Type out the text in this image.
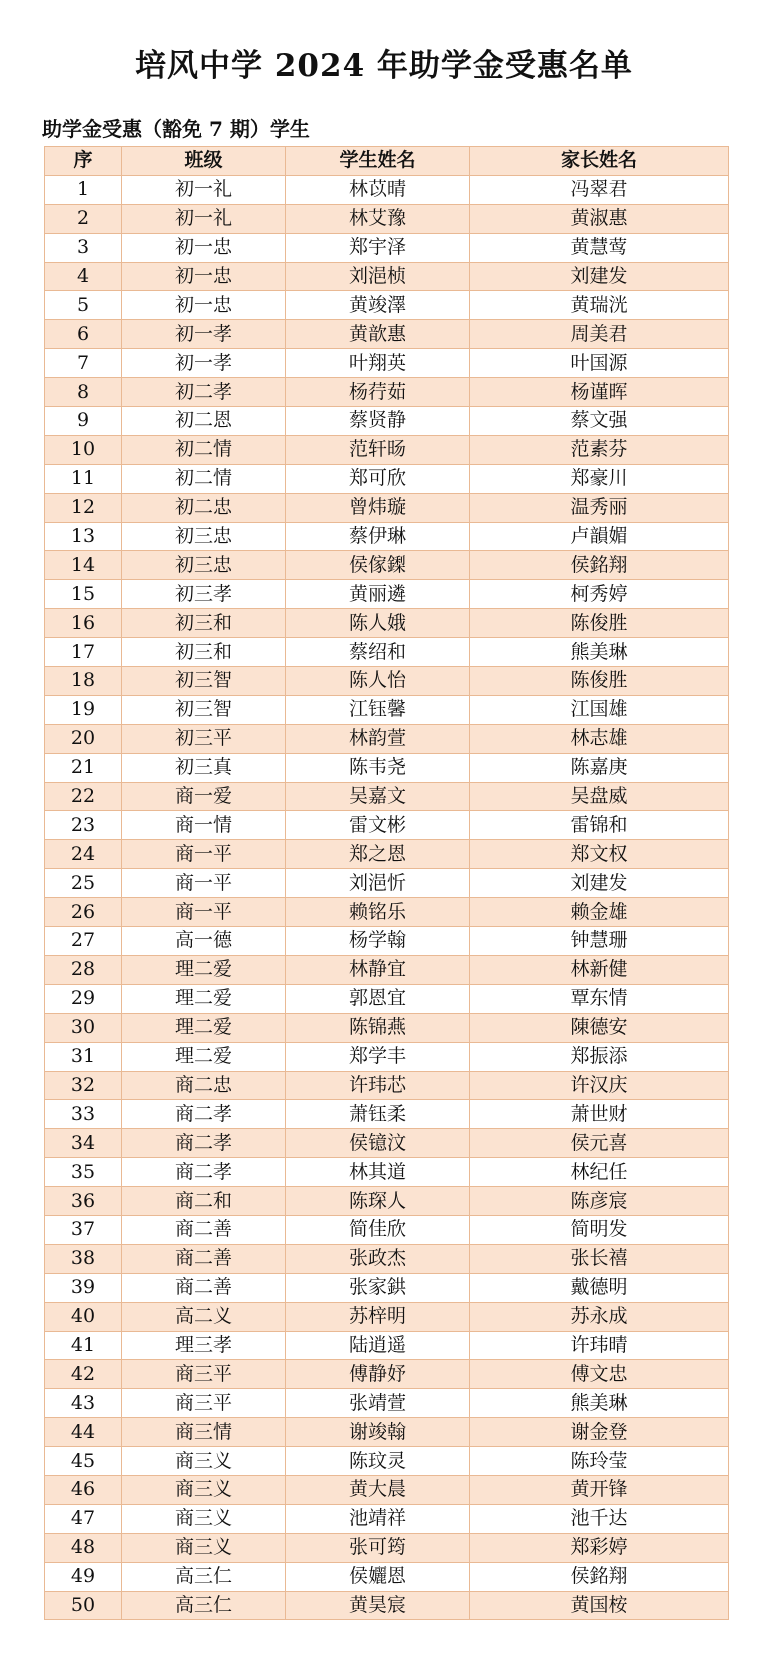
培风中学 2024 年助学金受惠名单
助学金受惠（豁免 7 期）学生
序	班级	学生姓名	家长姓名
1	初一礼	林苡晴	冯翠君
2	初一礼	林艾豫	黄淑惠
3	初一忠	郑宇泽	黄慧莺
4	初一忠	刘浥桢	刘建发
5	初一忠	黄竣澤	黄瑞洸
6	初一孝	黄歆惠	周美君
7	初一孝	叶翔英	叶国源
8	初二孝	杨荇茹	杨谨晖
9	初二恩	蔡贤静	蔡文强
10	初二情	范轩旸	范素芬
11	初二情	郑可欣	郑豪川
12	初二忠	曾炜璇	温秀丽
13	初三忠	蔡伊琳	卢韻媚
14	初三忠	侯傢鏫	侯銘翔
15	初三孝	黄丽遴	柯秀婷
16	初三和	陈人娥	陈俊胜
17	初三和	蔡绍和	熊美琳
18	初三智	陈人怡	陈俊胜
19	初三智	江钰馨	江国雄
20	初三平	林韵萱	林志雄
21	初三真	陈韦尧	陈嘉庚
22	商一爱	吴嘉文	吴盘威
23	商一情	雷文彬	雷锦和
24	商一平	郑之恩	郑文权
25	商一平	刘浥忻	刘建发
26	商一平	赖铭乐	赖金雄
27	高一德	杨学翰	钟慧珊
28	理二爱	林静宜	林新健
29	理二爱	郭恩宜	覃东情
30	理二爱	陈锦燕	陳德安
31	理二爱	郑学丰	郑振添
32	商二忠	许玮芯	许汉庆
33	商二孝	萧钰柔	萧世财
34	商二孝	侯镱汶	侯元喜
35	商二孝	林其道	林纪任
36	商二和	陈琛人	陈彦宸
37	商二善	简佳欣	简明发
38	商二善	张政杰	张长禧
39	商二善	张家鉷	戴德明
40	高二义	苏梓明	苏永成
41	理三孝	陆逍遥	许玮晴
42	商三平	傅静妤	傅文忠
43	商三平	张靖萱	熊美琳
44	商三情	谢竣翰	谢金登
45	商三义	陈玟灵	陈玲莹
46	商三义	黄大晨	黄开锋
47	商三义	池靖祥	池千达
48	商三义	张可筠	郑彩婷
49	高三仁	侯孋恩	侯銘翔
50	高三仁	黄昊宸	黄国桉
